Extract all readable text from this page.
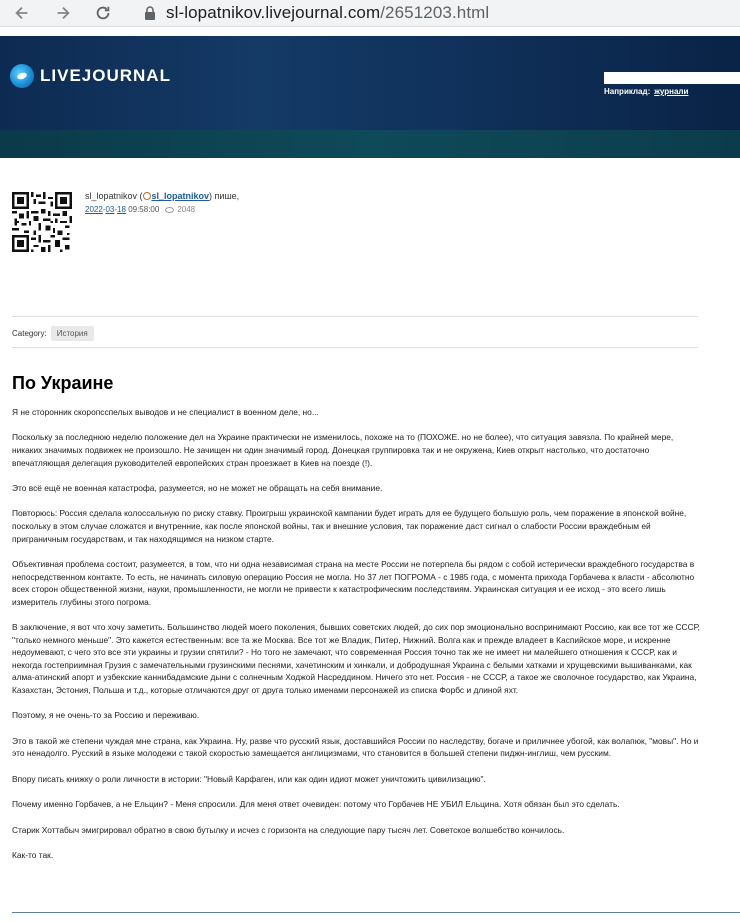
sl-lopatnikov.livejournal.com/2651203.html
LIVEJOURNAL
Наприклад: журнали
sl_lopatnikov ( sl_lopatnikov) пише,
2022 - 03 - 18
09:58:00 2048
Category:	История
По Украине

Я не сторонник скоропсспелых выводов и не специалист в военном деле, но...

Поскольку за последнюю неделю положение дел на Украине практически не изменилось, похоже на то (ПОХОЖЕ. но не более), что ситуация завязла. По крайней мере, никаких значимых подвижек не произошло. Не зачищен ни один значимый город. Донецкая группировка так и не окружена, Киев открыт настолько, что достаточно впечатляющая делегация руководителей европейских стран проезжает в Киев на поезде (!).

Это всё ещё не военная катастрофа, разумеется, но не может не обращать на себя внимание.

Повторюсь: Россия сделала колоссальную по риску ставку. Проигрыш украинской кампании будет играть для ее будущего большую роль, чем поражение в японской войне, поскольку в этом случае сложатся и внутренние, как после японской войны, так и внешние условия, так поражение даст сигнал о слабости России враждебным ей приграничным государствам, и так находящимся на низком старте.

Объективная проблема состоит, разумеется, в том, что ни одна независимая страна на месте России не потерпела бы рядом с собой истерически враждебного государства в непосредственном контакте. То есть, не начинать силовую операцию Россия не могла. Но 37 лет ПОГРОМА - с 1985 года, с момента прихода Горбачева к власти - абсолютно всех сторон общественной жизни, науки, промышленности, не могли не привести к катастрофическим последствиям. Украинская ситуация и ее исход - это всего лишь измеритель глубины этого погрома.

В заключение, я вот что хочу заметить. Большинство людей моего поколения, бывших советских людей, до сих пор эмоционально воспринимают Россию, как все тот же СССР, "только немного меньше". Это кажется естественным: все та же Москва. Все тот же Владик, Питер, Нижний. Волга как и прежде владеет в Каспийское море, и искренне недоумевают, с чего это все эти украины и грузии спятили? - Но того не замечают, что современная Россия точно так же не имеет ни малейшего отношения к СССР, как и некогда гостеприимная Грузия с замечательными грузинскими песнями, хачетинским и хинкали, и добродушная Украина с белыми хатками и хрущевскими вышиванками, как алма-атинский апорт и узбекские каннибадамские дыни с солнечным Ходжой Насреддином. Ничего это нет. Россия - не СССР, а такое же сволочное государство, как Украина, Казахстан, Эстония, Польша и т.д., которые отличаются друг от друга только именами персонажей из списка Форбс и длиной яхт.

Поэтому, я не очень-то за Россию и переживаю.

Это в такой же степени чуждая мне страна, как Украина. Ну, разве что русский язык, доставшийся России по наследству, богаче и приличнее убогой, как волапюк, "мовы". Но и это ненадолго. Русский в языке молодежи с такой скоростью замещается англицизмами, что становится в большей степени пиджн-инглиш, чем русским.

Впору писать книжку о роли личности в истории: "Новый Карфаген, или как один идиот может уничтожить цивилизацию".

Почему именно Горбачев, а не Ельцин? - Меня спросили. Для меня ответ очевиден: потому что Горбачев НЕ УБИЛ Ельцина. Хотя обязан был это сделать.

Старик Хоттабыч эмигрировал обратно в свою бутылку и исчез с горизонта на следующие пару тысяч лет. Советское волшебство кончилось.

Как-то так.
